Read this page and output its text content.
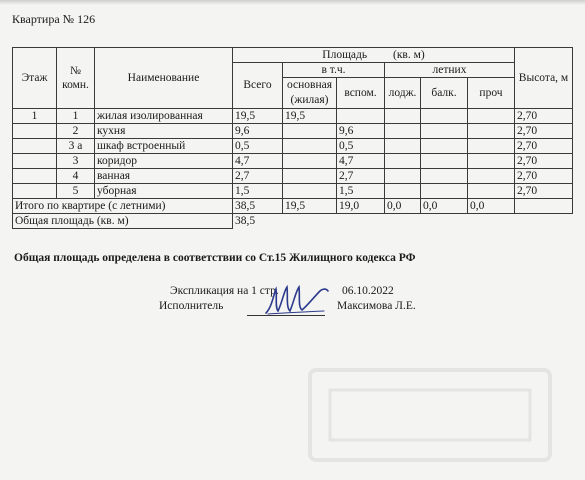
Квартира № 126
Этаж	№ комн.	Наименование	Площадь         (кв. м)						Высота, м
			Всего	в т.ч.		летних			
				основная (жилая)	вспом.	лодж.	балк.	проч	
1	1	жилая изолированная	19,5	19,5					2,70
	2	кухня	9,6		9,6				2,70
	3 а	шкаф встроенный	0,5		0,5				2,70
	3	коридор	4,7		4,7				2,70
	4	ванная	2,7		2,7				2,70
	5	уборная	1,5		1,5				2,70
Итого по квартире (с летними)			38,5	19,5	19,0	0,0	0,0	0,0	
Общая площадь (кв. м)			38,5						
Общая площадь определена в соответствии со Ст.15 Жилищного кодекса РФ
Экспликация на 1 стр.	06.10.2022
Исполнитель	Максимова Л.Е.
